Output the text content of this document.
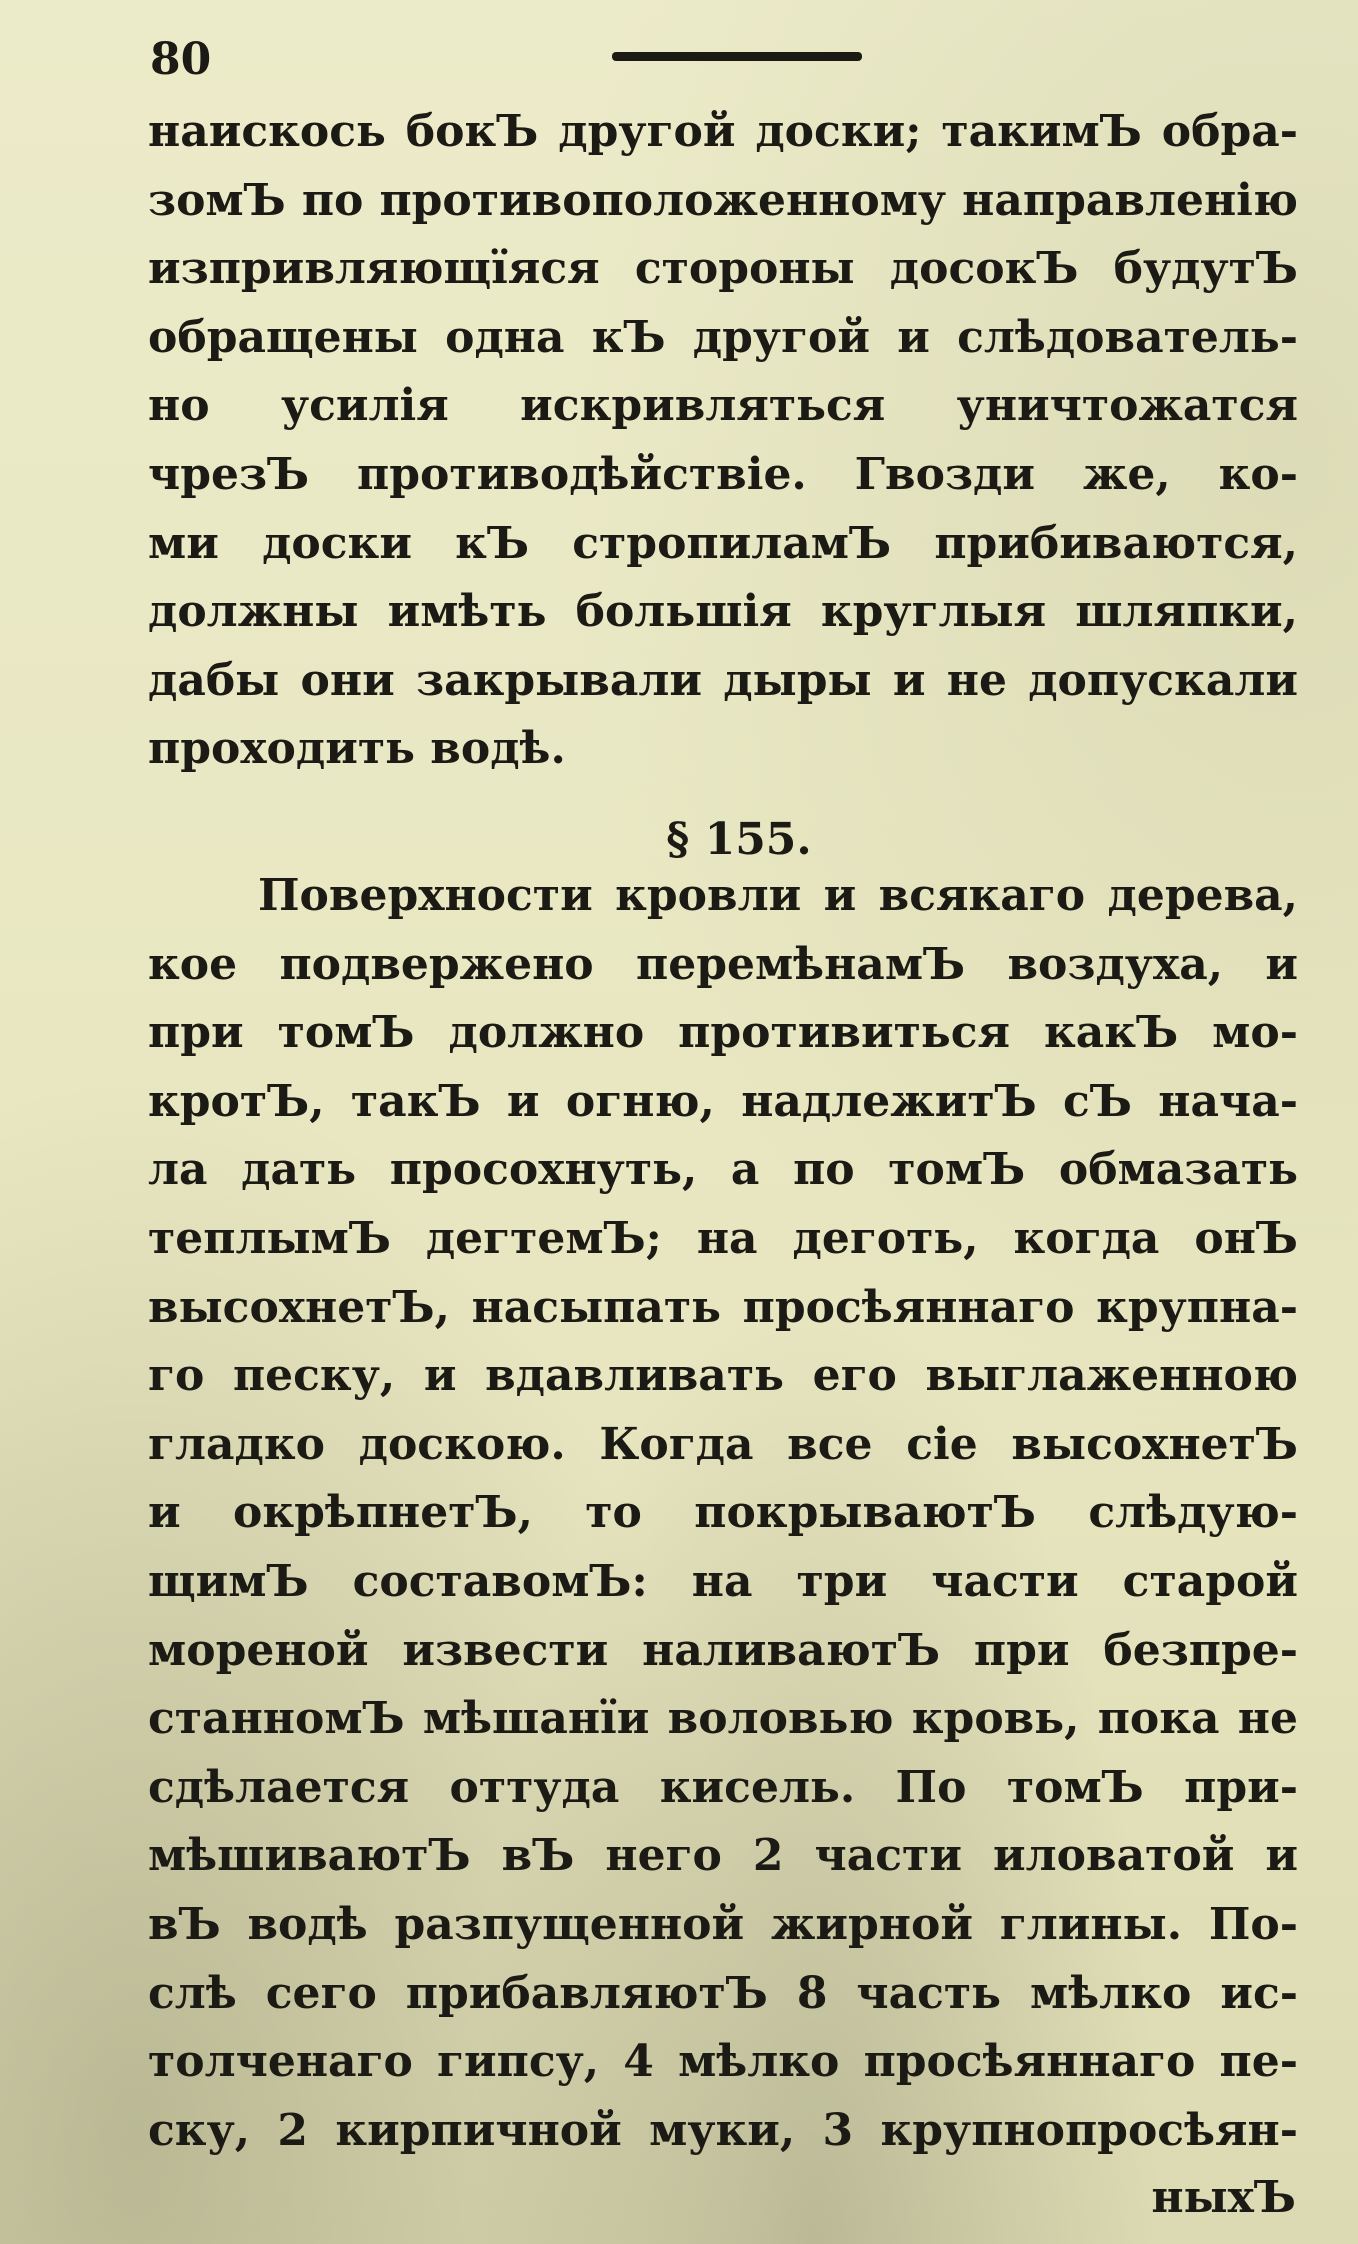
80
наискось бокЪ другой доски; такимЪ обра-
зомЪ по противоположенному направленію
изпривляющїяся стороны досокЪ будутЪ
обращены одна кЪ другой и слѣдователь-
но усилія искривляться уничтожатся
чрезЪ противодѣйствіе. Гвозди же, ко-
ми доски кЪ стропиламЪ прибиваются,
должны имѣть большія круглыя шляпки,
дабы они закрывали дыры и не допускали
проходить водѣ.
§ 155.
Поверхности кровли и всякаго дерева,
кое подвержено перемѣнамЪ воздуха, и
при томЪ должно противиться какЪ мо-
кротЪ, такЪ и огню, надлежитЪ сЪ нача-
ла дать просохнуть, а по томЪ обмазать
теплымЪ дегтемЪ; на деготь, когда онЪ
высохнетЪ, насыпать просѣяннаго крупна-
го песку, и вдавливать его выглаженною
гладко доскою. Когда все сіе высохнетЪ
и окрѣпнетЪ, то покрываютЪ слѣдую-
щимЪ составомЪ: на три части старой
мореной извести наливаютЪ при безпре-
станномЪ мѣшанїи воловью кровь, пока не
сдѣлается оттуда кисель. По томЪ при-
мѣшиваютЪ вЪ него 2 части иловатой и
вЪ водѣ разпущенной жирной глины. По-
слѣ сего прибавляютЪ 8 часть мѣлко ис-
толченаго гипсу, 4 мѣлко просѣяннаго пе-
ску, 2 кирпичной муки, 3 крупнопросѣян-
ныхЪ
